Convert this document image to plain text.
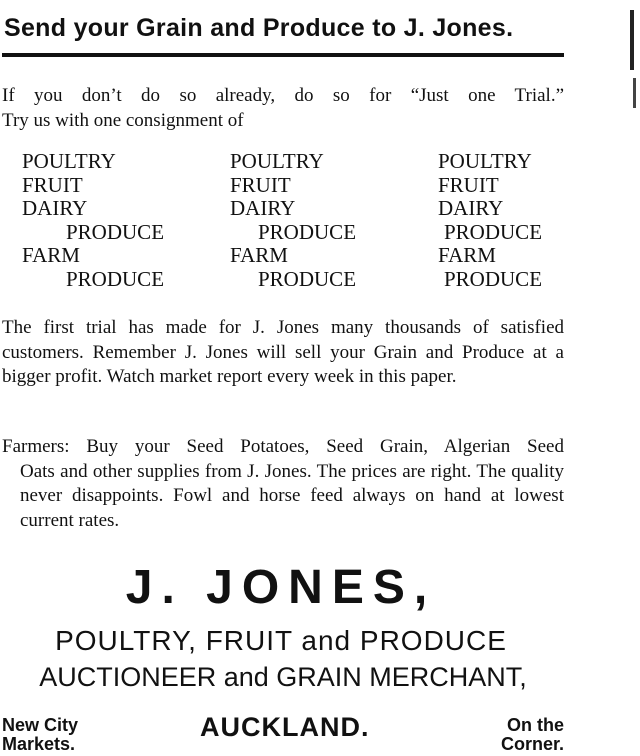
Send your Grain and Produce to J. Jones.
If you don’t do so already, do so for “Just one Trial.”
Try us with one consignment of
POULTRY
FRUIT
DAIRY
PRODUCE
FARM
PRODUCE
POULTRY
FRUIT
DAIRY
PRODUCE
FARM
PRODUCE
POULTRY
FRUIT
DAIRY
PRODUCE
FARM
PRODUCE
The first trial has made for J. Jones many thousands of satisfied customers. Remember J. Jones will sell your Grain and Produce at a bigger profit. Watch market report every week in this paper.
Farmers: Buy your Seed Potatoes, Seed Grain, Algerian Seed
Oats and other supplies from J. Jones. The prices are right. The quality never disappoints. Fowl and horse feed always on hand at lowest current rates.
J. JONES,
POULTRY, FRUIT and PRODUCE
AUCTIONEER and GRAIN MERCHANT,
New City
Markets.
AUCKLAND.	On the
Corner.
